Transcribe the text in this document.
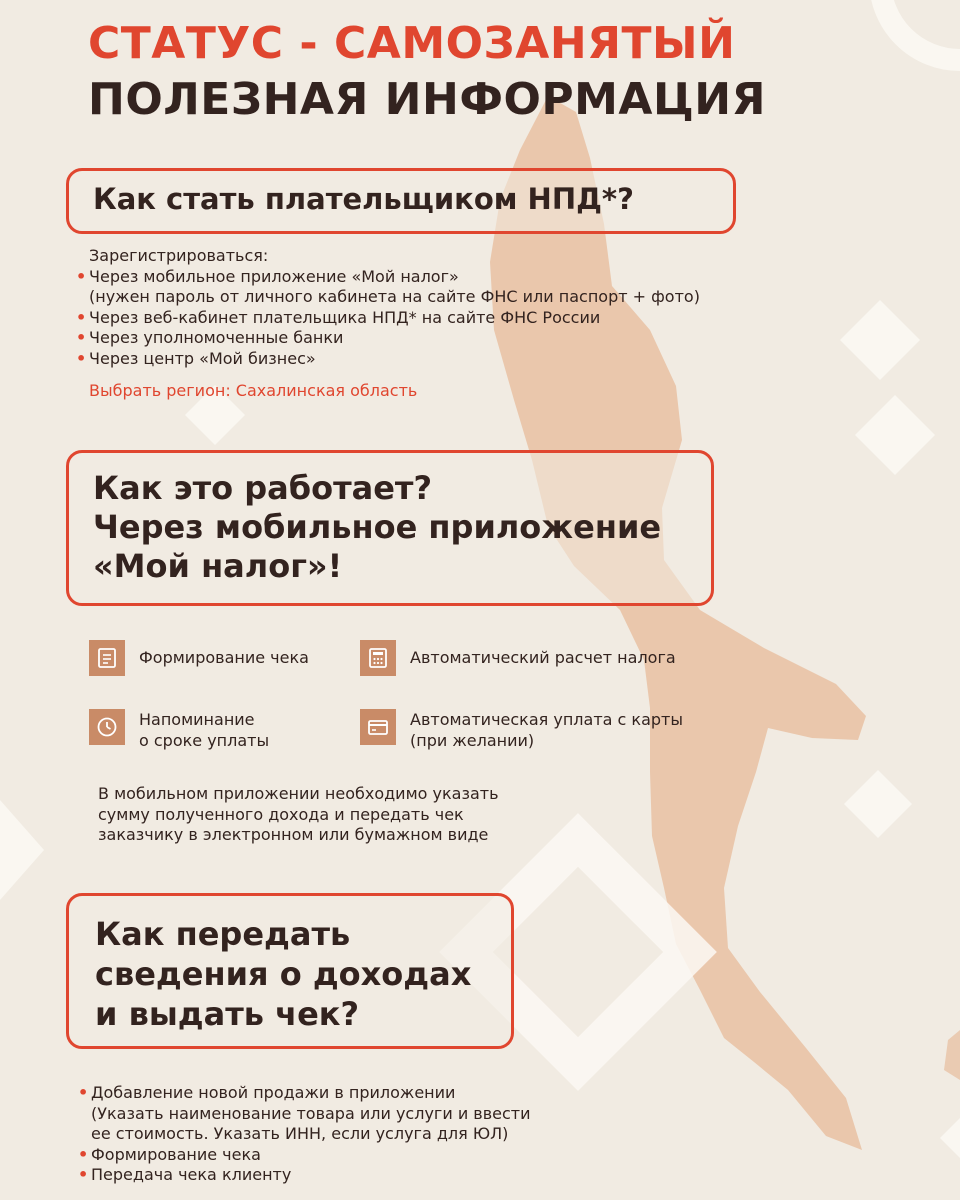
СТАТУС - САМОЗАНЯТЫЙ
ПОЛЕЗНАЯ ИНФОРМАЦИЯ
Как стать плательщиком НПД*?
Зарегистрироваться:
• Через мобильное приложение «Мой налог»
(нужен пароль от личного кабинета на сайте ФНС или паспорт + фото)
• Через веб-кабинет плательщика НПД* на сайте ФНС России
• Через уполномоченные банки
• Через центр «Мой бизнес»
Выбрать регион: Сахалинская область
Как это работает?
Через мобильное приложение
«Мой налог»!
Формирование чека	Автоматический расчет налога
Напоминание
о сроке уплаты
Автоматическая уплата с карты
(при желании)
В мобильном приложении необходимо указать
сумму полученного дохода и передать чек
заказчику в электронном или бумажном виде
Как передать
сведения о доходах
и выдать чек?
• Добавление новой продажи в приложении
(Указать наименование товара или услуги и ввести
ее стоимость. Указать ИНН, если услуга для ЮЛ)
• Формирование чека
• Передача чека клиенту
